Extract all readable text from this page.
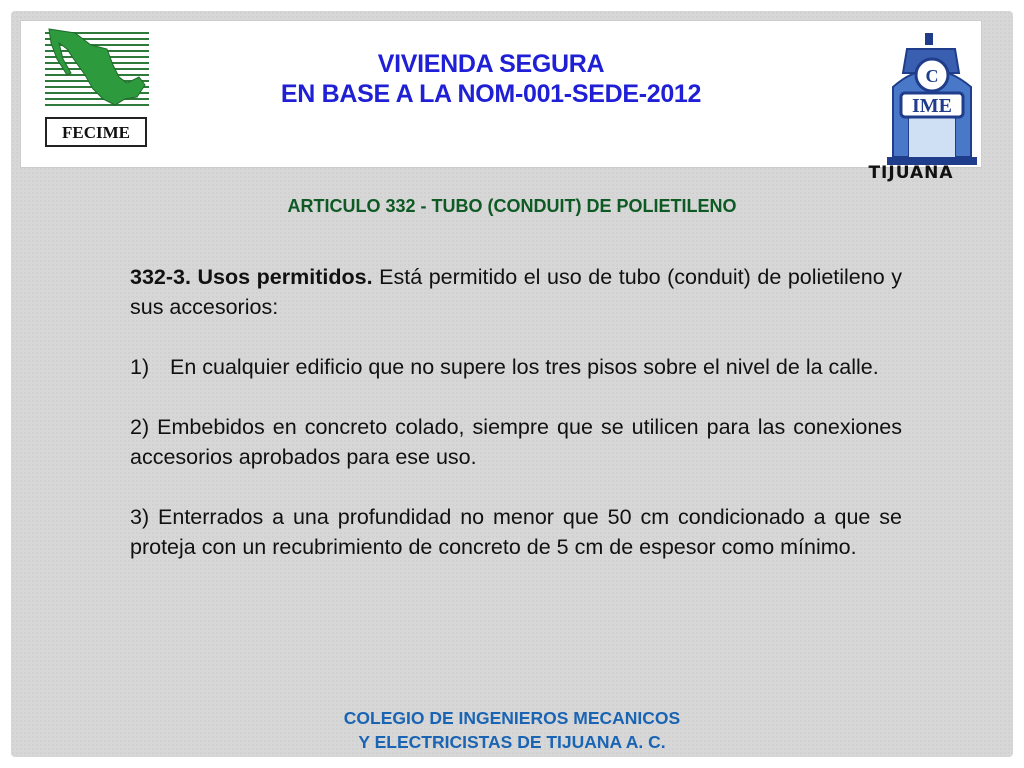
FECIME
VIVIENDA SEGURA
EN BASE A LA NOM-001-SEDE-2012
C
IME
TIJUANA
ARTICULO 332 - TUBO (CONDUIT) DE POLIETILENO

332-3. Usos permitidos. Está permitido el uso de tubo (conduit) de polietileno y sus accesorios:

1) En cualquier edificio que no supere los tres pisos sobre el nivel de la calle.

2) Embebidos en concreto colado, siempre que se utilicen para las conexiones accesorios aprobados para ese uso.

3) Enterrados a una profundidad no menor que 50 cm condicionado a que se proteja con un recubrimiento de concreto de 5 cm de espesor como mínimo.

COLEGIO DE INGENIEROS MECANICOS
Y ELECTRICISTAS DE TIJUANA A. C.
